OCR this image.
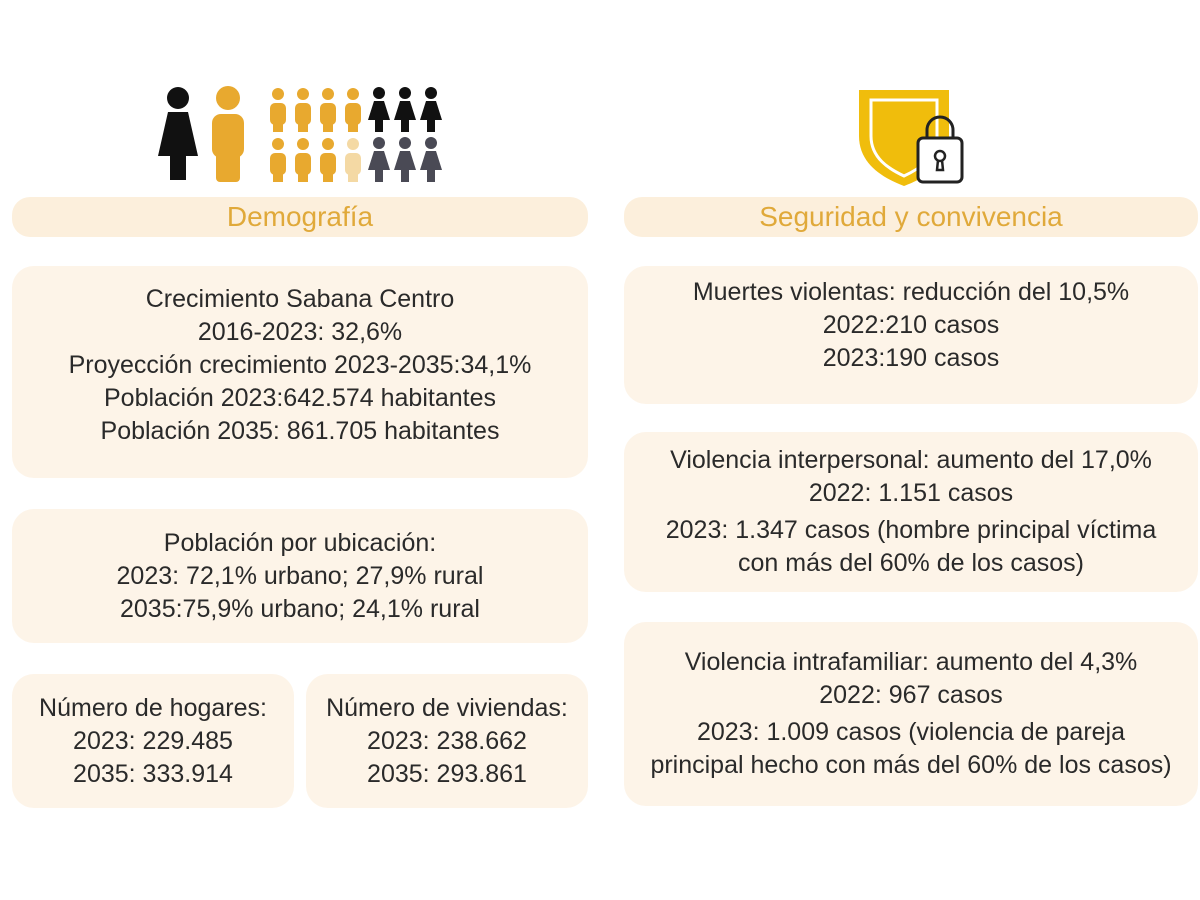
Demografía	Seguridad y convivencia
Crecimiento Sabana Centro
2016-2023: 32,6%
Proyección crecimiento 2023-2035:34,1%
Población 2023:642.574 habitantes
Población 2035: 861.705 habitantes
Población por ubicación:
2023: 72,1% urbano; 27,9% rural
2035:75,9% urbano; 24,1% rural
Número de hogares:
2023: 229.485
2035: 333.914
Número de viviendas:
2023: 238.662
2035: 293.861
Muertes violentas: reducción del 10,5%
2022:210 casos
2023:190 casos
Violencia interpersonal: aumento del 17,0%
2022: 1.151 casos
2023: 1.347 casos (hombre principal víctima
con más del 60% de los casos)
Violencia intrafamiliar: aumento del 4,3%
2022: 967 casos
2023: 1.009 casos (violencia de pareja
principal hecho con más del 60% de los casos)
